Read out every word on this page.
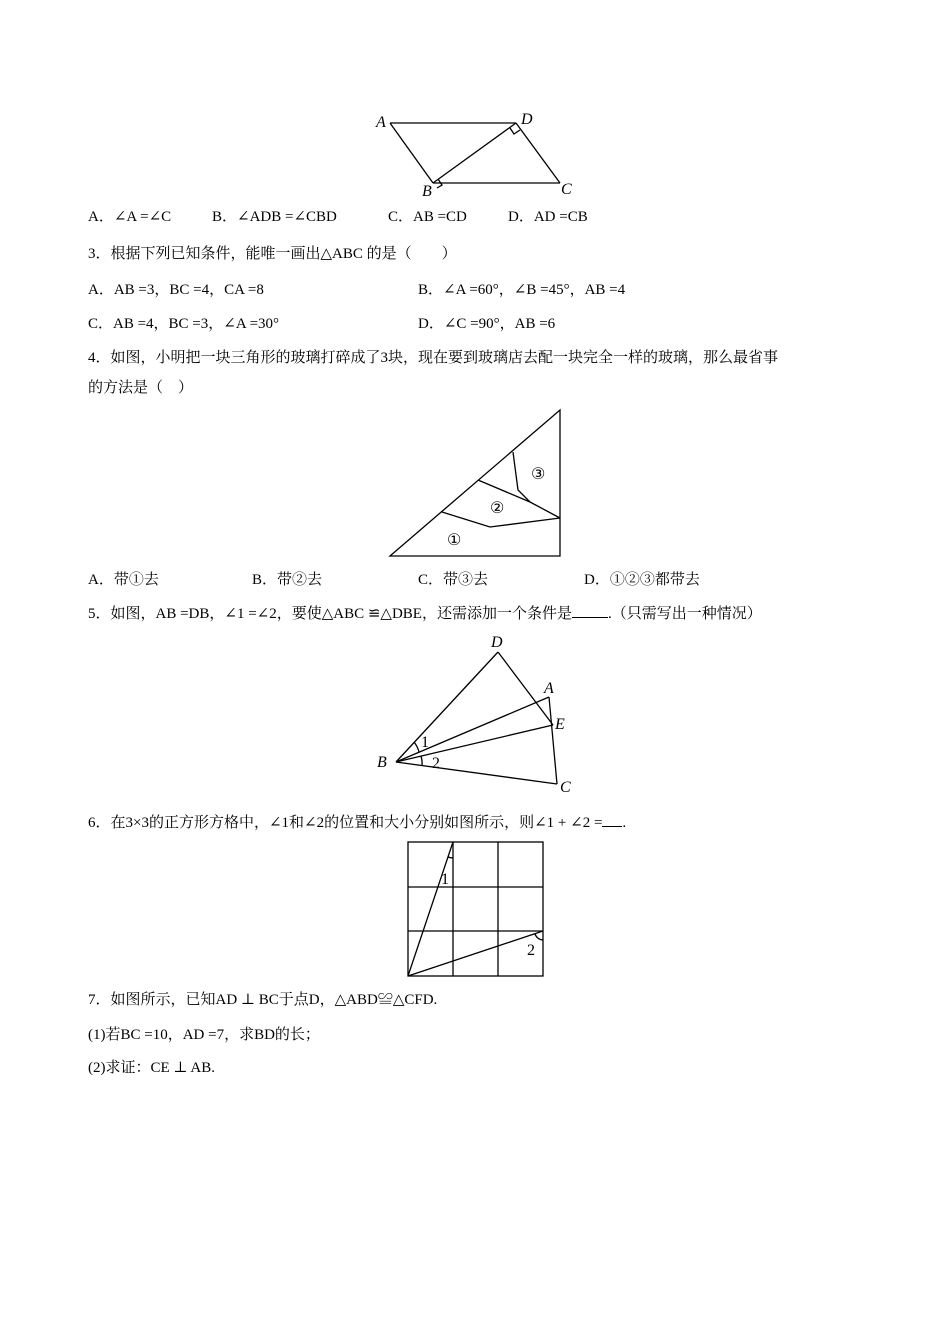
A	D
B	C
A．∠A =∠C	B．∠ADB =∠CBD	C．AB =CD	D．AD =CB
3．根据下列已知条件，能唯一画出△ABC 的是（　　）
A．AB =3，BC =4，CA =8	B．∠A =60°，∠B =45°，AB =4
C．AB =4，BC =3，∠A =30°	D．∠C =90°，AB =6
4．如图，小明把一块三角形的玻璃打碎成了3块，现在要到玻璃店去配一块完全一样的玻璃，那么最省事
的方法是（　）
①
②
③
A．带①去	B．带②去	C．带③去	D．①②③都带去
5．如图，AB =DB，∠1 =∠2，要使△ABC ≌△DBE，还需添加一个条件是 .（只需写出一种情况）
D
A
E
B
C
1
2
6．在3×3的正方形方格中，∠1和∠2的位置和大小分别如图所示，则∠1 + ∠2 = .
1
2
7．如图所示，已知AD ⊥ BC于点D，△ABD≌△CFD.
(1)若BC =10，AD =7，求BD的长；
(2)求证：CE ⊥ AB.
